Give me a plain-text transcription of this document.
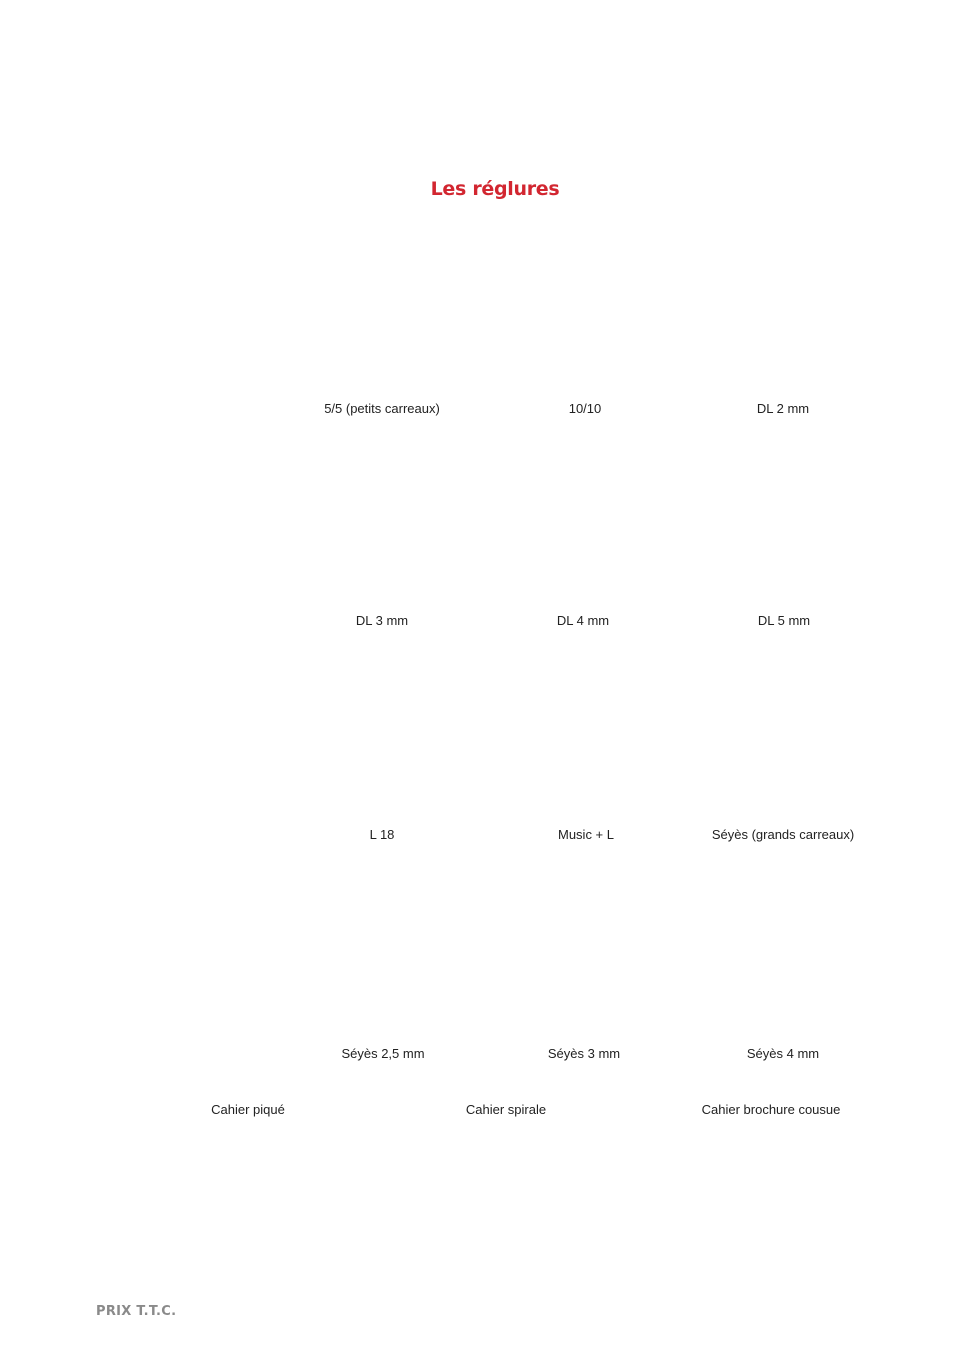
Les réglures
5/5 (petits carreaux)	10/10	DL 2 mm
DL 3 mm	DL 4 mm	DL 5 mm
L 18	Music + L	Séyès (grands carreaux)
Séyès 2,5 mm	Séyès 3 mm	Séyès 4 mm
Cahier piqué	Cahier spirale	Cahier brochure cousue
PRIX T.T.C.
